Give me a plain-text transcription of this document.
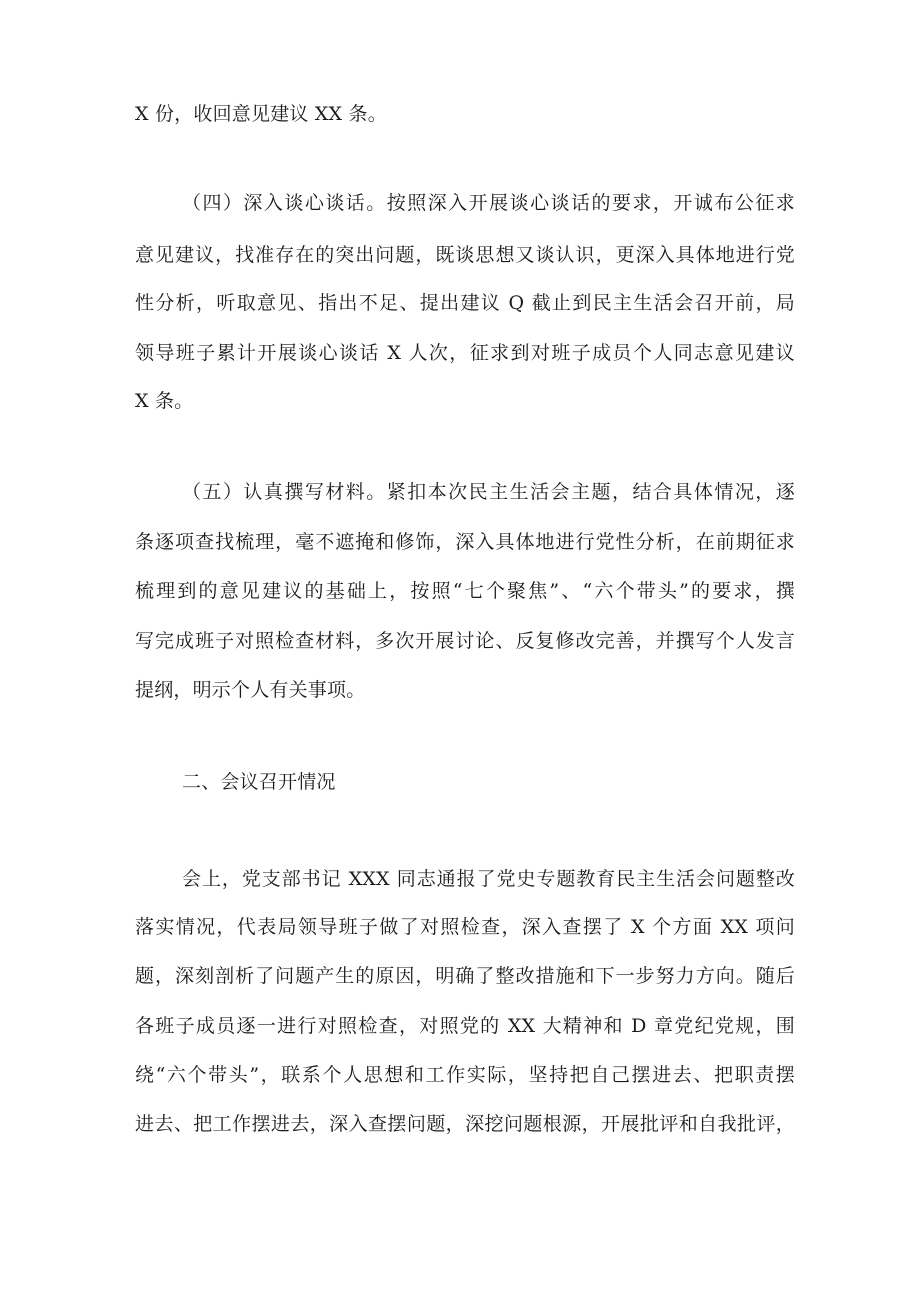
X 份，收回意见建议 XX 条。
（四）深入谈心谈话。按照深入开展谈心谈话的要求，开诚布公征求
意见建议，找准存在的突出问题，既谈思想又谈认识，更深入具体地进行党
性分析，听取意见、指出不足、提出建议 Q 截止到民主生活会召开前，局
领导班子累计开展谈心谈话 X 人次，征求到对班子成员个人同志意见建议
X 条。
（五）认真撰写材料。紧扣本次民主生活会主题，结合具体情况，逐
条逐项查找梳理，毫不遮掩和修饰，深入具体地进行党性分析，在前期征求
梳理到的意见建议的基础上，按照“七个聚焦”、“六个带头”的要求，撰
写完成班子对照检查材料，多次开展讨论、反复修改完善，并撰写个人发言
提纲，明示个人有关事项。
二、会议召开情况
会上，党支部书记 XXX 同志通报了党史专题教育民主生活会问题整改
落实情况，代表局领导班子做了对照检查，深入查摆了 X 个方面 XX 项问
题，深刻剖析了问题产生的原因，明确了整改措施和下一步努力方向。随后
各班子成员逐一进行对照检查，对照党的 XX 大精神和 D 章党纪党规，围
绕“六个带头”，联系个人思想和工作实际，坚持把自己摆进去、把职责摆
进去、把工作摆进去，深入查摆问题，深挖问题根源，开展批评和自我批评，
